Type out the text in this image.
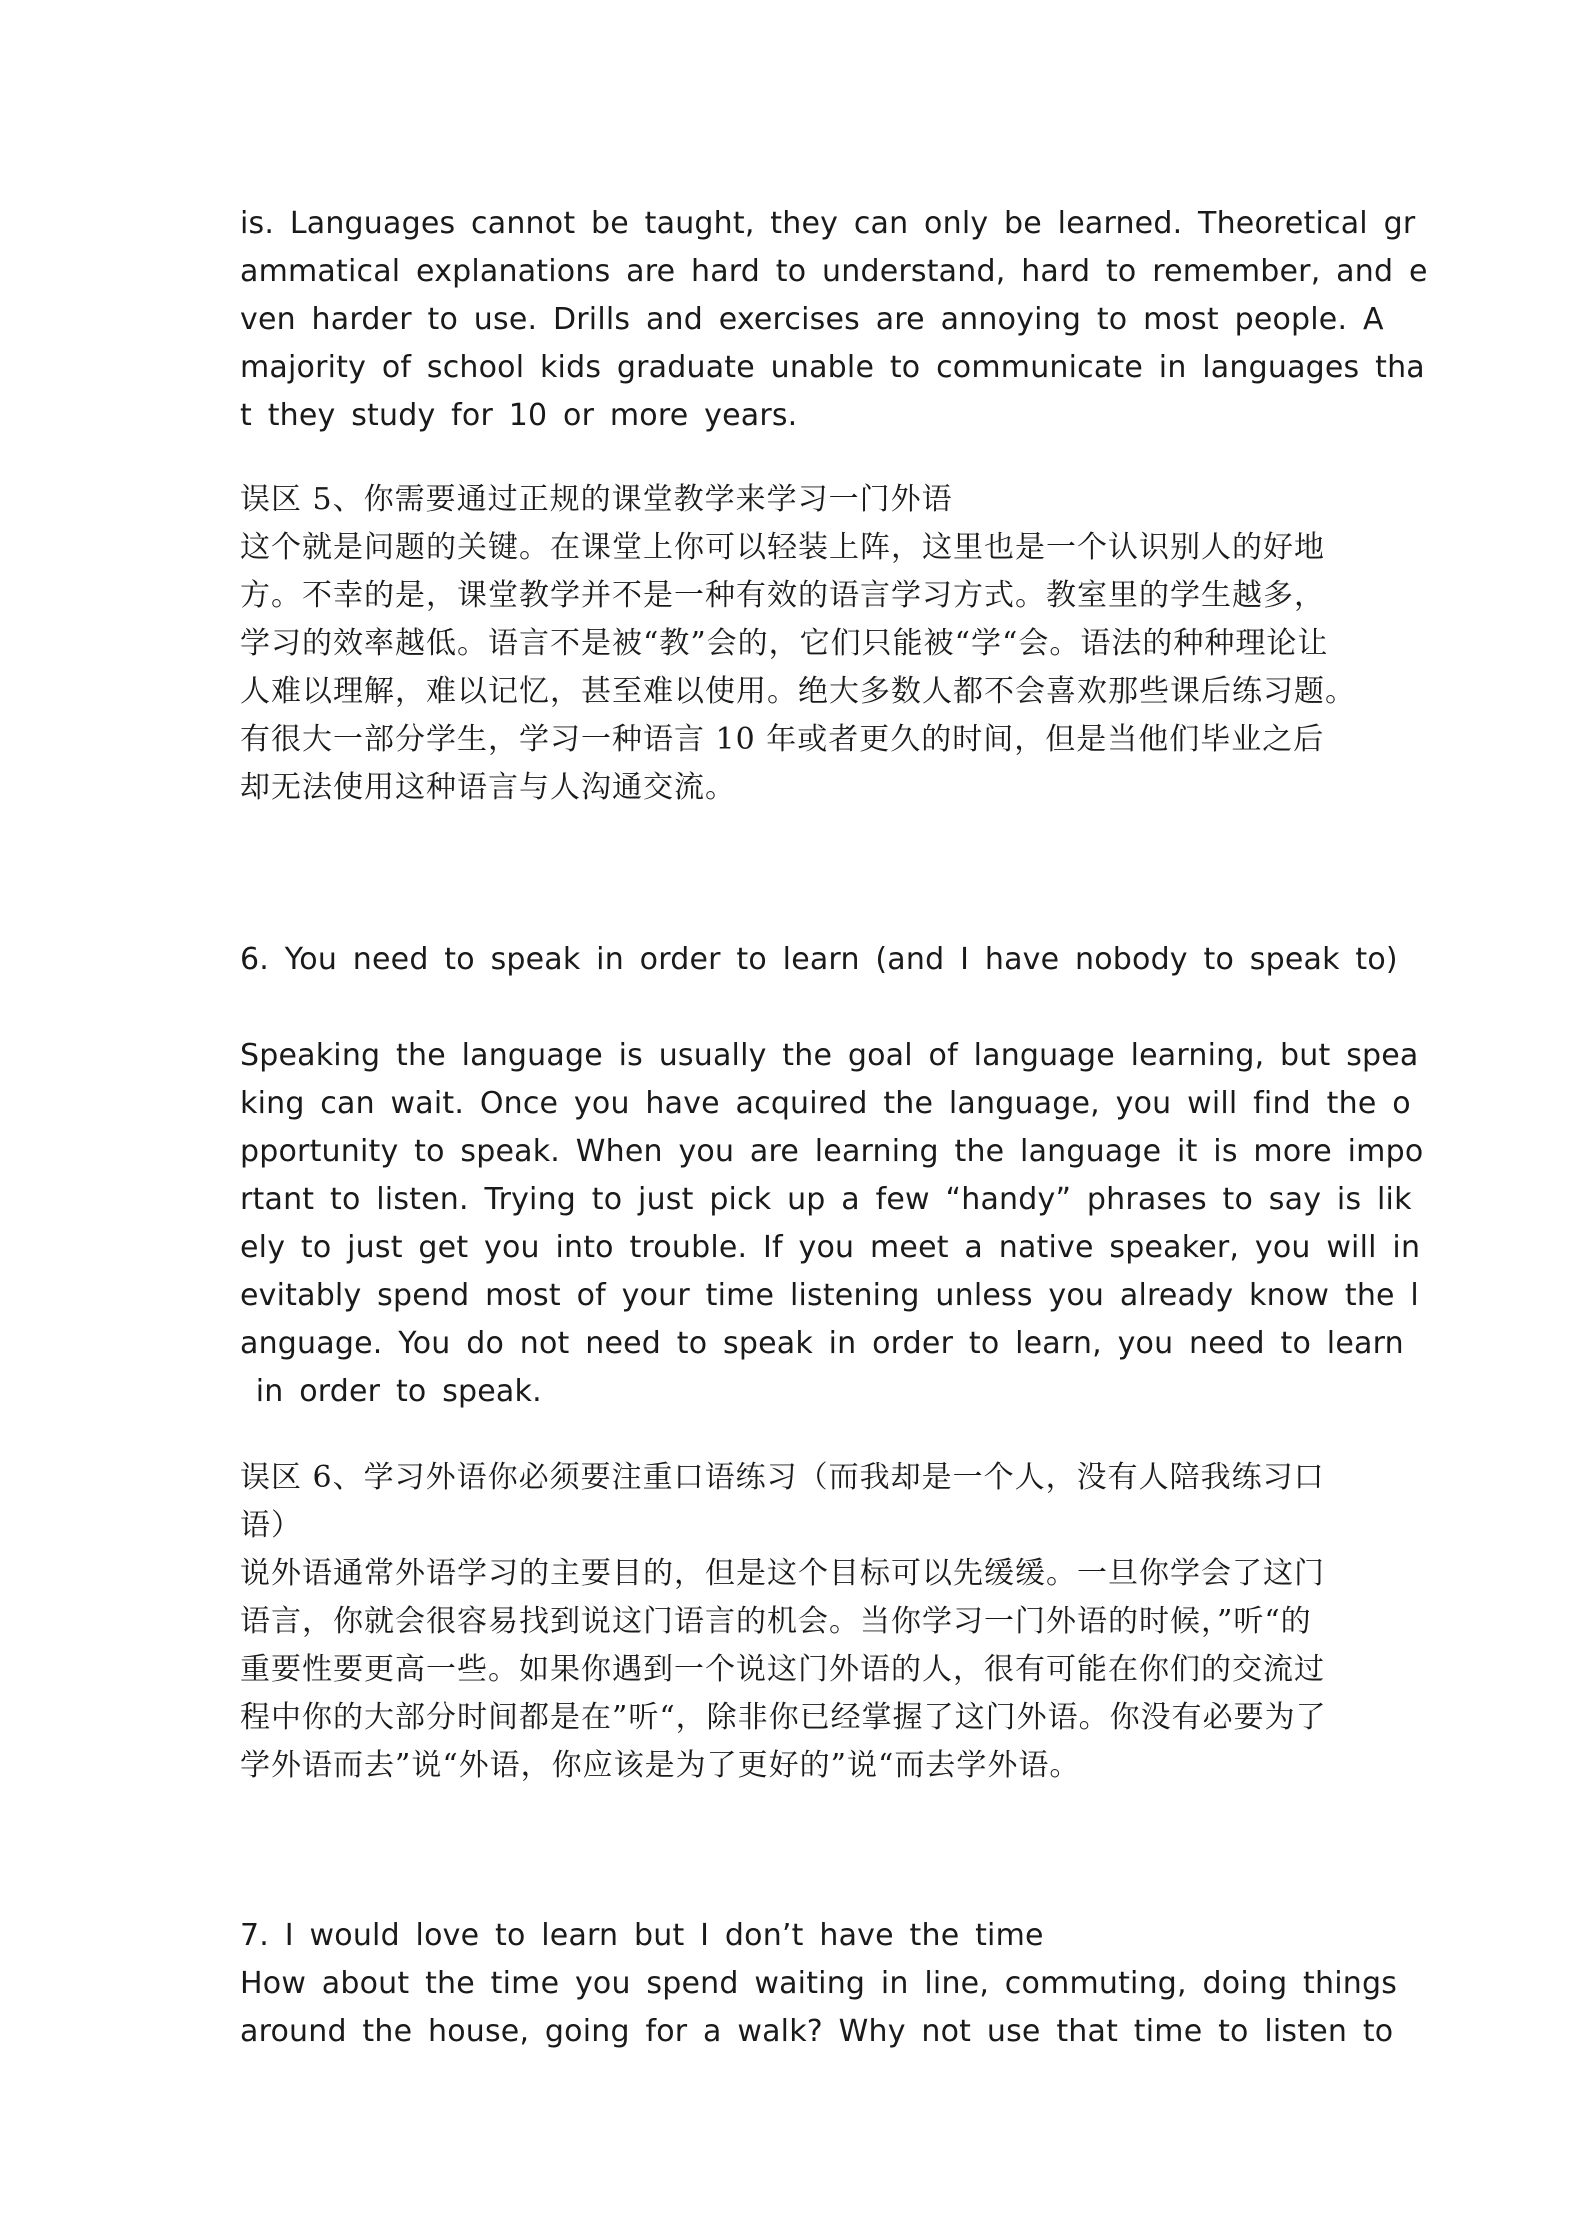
is. Languages cannot be taught, they can only be learned. Theoretical gr
ammatical explanations are hard to understand, hard to remember, and e
ven harder to use. Drills and exercises are annoying to most people. A
majority of school kids graduate unable to communicate in languages tha
t they study for 10 or more years.
误区 5、你需要通过正规的课堂教学来学习一门外语
这个就是问题的关键。在课堂上你可以轻装上阵，这里也是一个认识别人的好地
方。不幸的是，课堂教学并不是一种有效的语言学习方式。教室里的学生越多，
学习的效率越低。语言不是被“教”会的，它们只能被“学“会。语法的种种理论让
人难以理解，难以记忆，甚至难以使用。绝大多数人都不会喜欢那些课后练习题。
有很大一部分学生，学习一种语言 10 年或者更久的时间，但是当他们毕业之后
却无法使用这种语言与人沟通交流。
6. You need to speak in order to learn (and I have nobody to speak to)
Speaking the language is usually the goal of language learning, but spea
king can wait. Once you have acquired the language, you will find the o
pportunity to speak. When you are learning the language it is more impo
rtant to listen. Trying to just pick up a few “handy” phrases to say is lik
ely to just get you into trouble. If you meet a native speaker, you will in
evitably spend most of your time listening unless you already know the l
anguage. You do not need to speak in order to learn, you need to learn
in order to speak.
误区 6、学习外语你必须要注重口语练习（而我却是一个人，没有人陪我练习口
语）
说外语通常外语学习的主要目的，但是这个目标可以先缓缓。一旦你学会了这门
语言，你就会很容易找到说这门语言的机会。当你学习一门外语的时候，”听“的
重要性要更高一些。如果你遇到一个说这门外语的人，很有可能在你们的交流过
程中你的大部分时间都是在”听“，除非你已经掌握了这门外语。你没有必要为了
学外语而去”说“外语，你应该是为了更好的”说“而去学外语。
7. I would love to learn but I don’t have the time
How about the time you spend waiting in line, commuting, doing things
around the house, going for a walk? Why not use that time to listen to
